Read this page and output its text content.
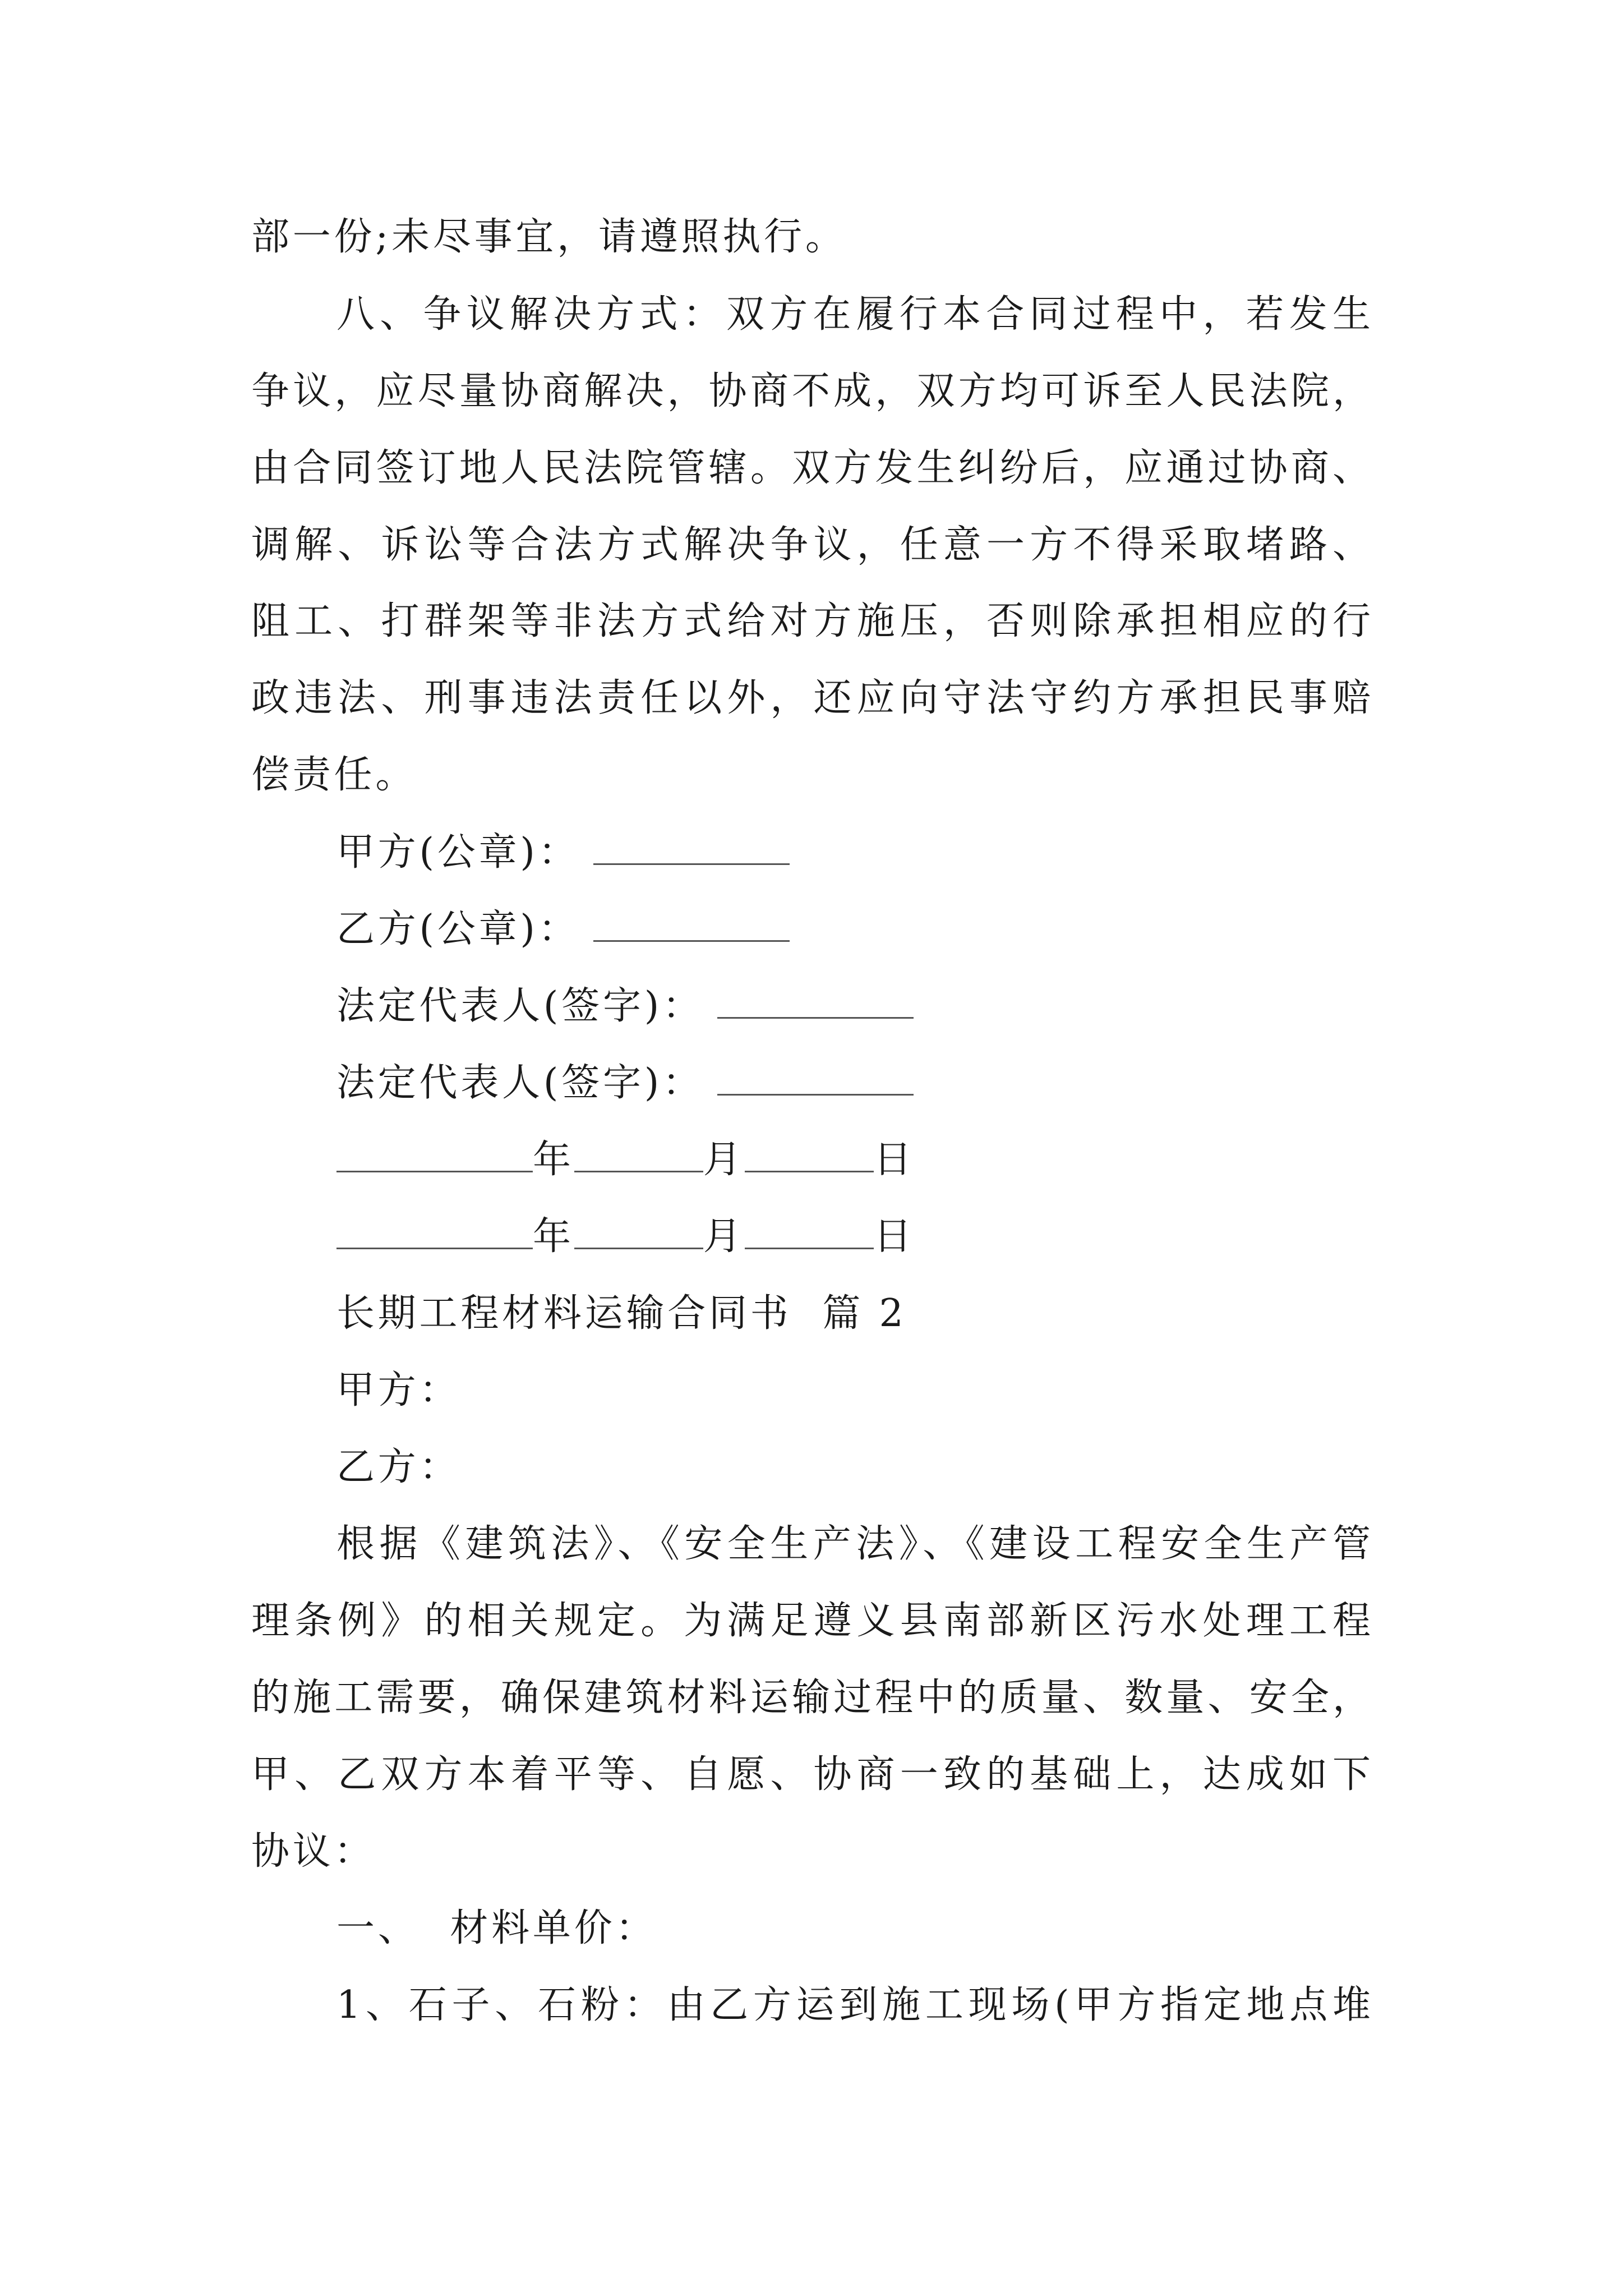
部一份;未尽事宜，请遵照执行。
八、争议解决方式：双方在履行本合同过程中，若发生
争议，应尽量协商解决，协商不成，双方均可诉至人民法院，
由合同签订地人民法院管辖。双方发生纠纷后，应通过协商、
调解、诉讼等合法方式解决争议，任意一方不得采取堵路、
阻工、打群架等非法方式给对方施压，否则除承担相应的行
政违法、刑事违法责任以外，还应向守法守约方承担民事赔
偿责任。
甲方(公章)：
乙方(公章)：
法定代表人(签字)：
法定代表人(签字)：
年	月	日
年	月	日
长期工程材料运输合同书  篇 2
甲方：
乙方：
根据《建筑法》、《安全生产法》、《建设工程安全生产管
理条例》的相关规定。为满足遵义县南部新区污水处理工程
的施工需要，确保建筑材料运输过程中的质量、数量、安全，
甲、乙双方本着平等、自愿、协商一致的基础上，达成如下
协议：
一、  材料单价：
1、石子、石粉：由乙方运到施工现场(甲方指定地点堆
